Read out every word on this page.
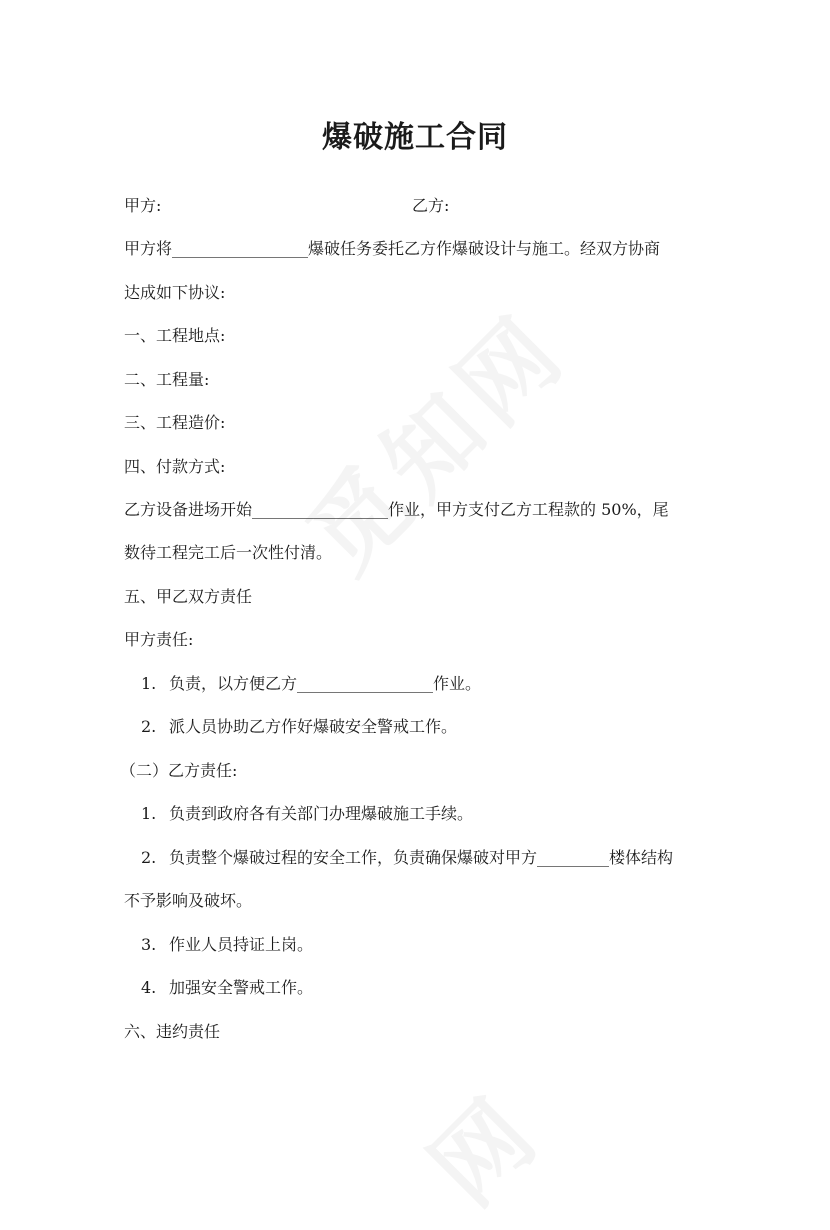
爆破施工合同
甲方:	乙方:
甲方将_________________爆破任务委托乙方作爆破设计与施工。经双方协商
达成如下协议:
一、工程地点:
二、工程量:
三、工程造价:
四、付款方式:
乙方设备进场开始_________________作业，甲方支付乙方工程款的 50%，尾
数待工程完工后一次性付清。
五、甲乙双方责任
甲方责任:
1. 负责，以方便乙方_________________作业。
2. 派人员协助乙方作好爆破安全警戒工作。
（二）乙方责任:
1. 负责到政府各有关部门办理爆破施工手续。
2. 负责整个爆破过程的安全工作，负责确保爆破对甲方_________楼体结构
不予影响及破坏。
3. 作业人员持证上岗。
4. 加强安全警戒工作。
六、违约责任
